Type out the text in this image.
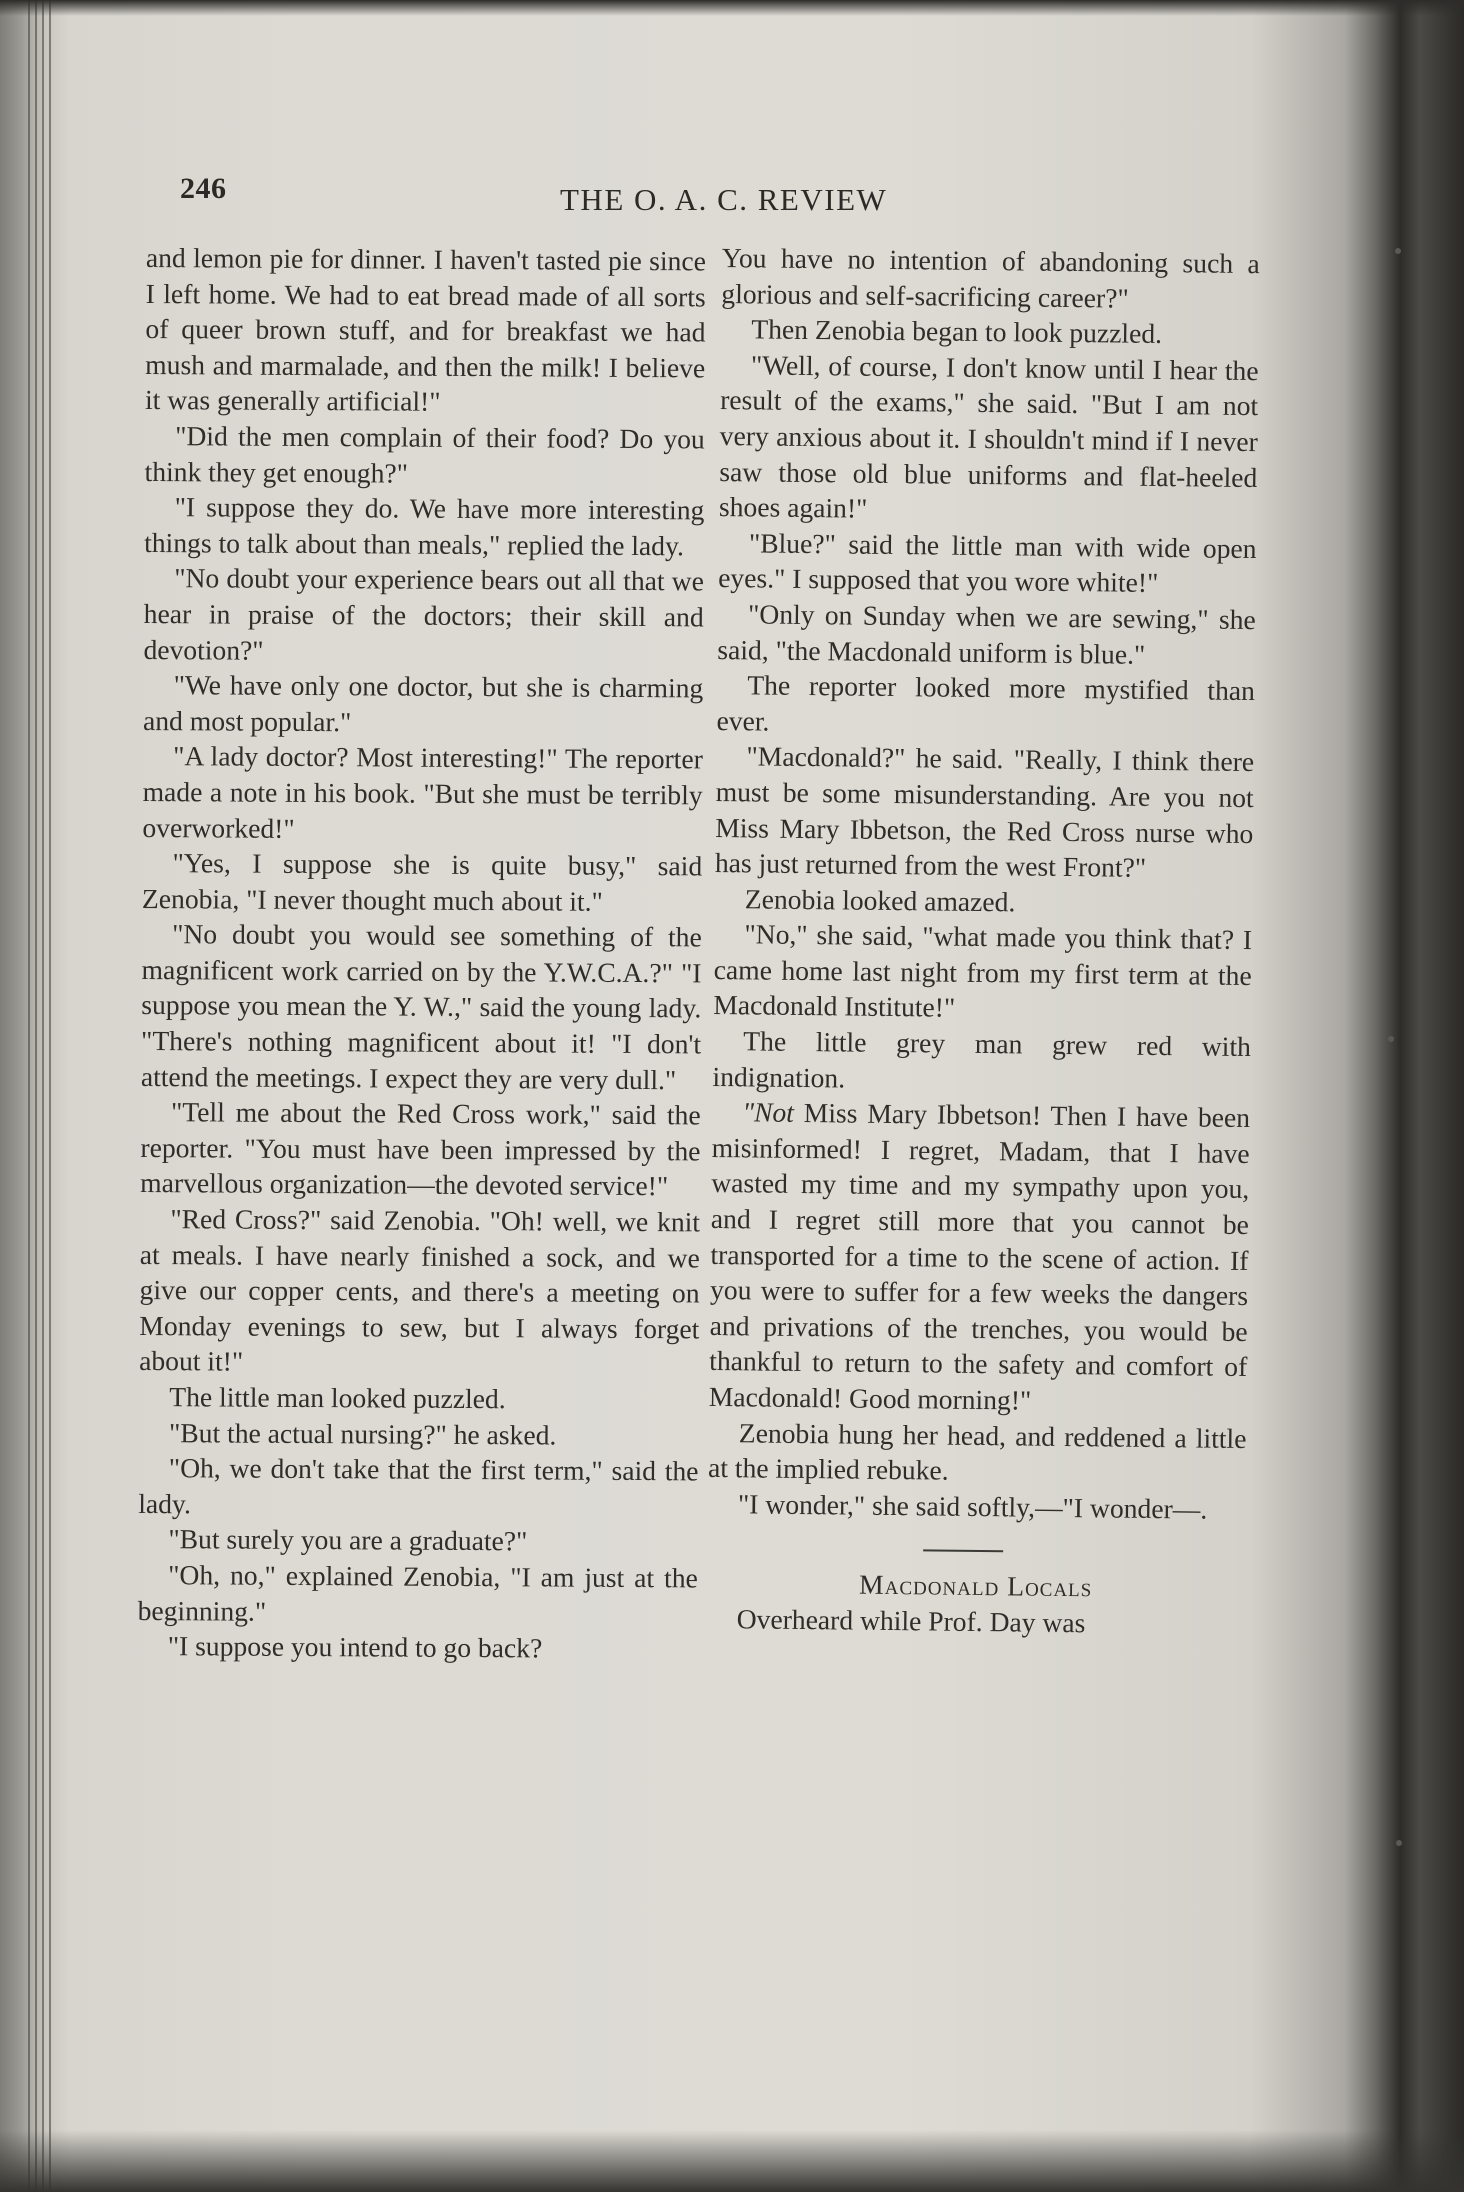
246	THE O. A. C. REVIEW

and lemon pie for dinner. I haven't tasted pie since I left home. We had to eat bread made of all sorts of queer brown stuff, and for breakfast we had mush and marmalade, and then the milk! I believe it was generally artificial!"

"Did the men complain of their food? Do you think they get enough?"

"I suppose they do. We have more interesting things to talk about than meals," replied the lady.

"No doubt your experience bears out all that we hear in praise of the doctors; their skill and devotion?"

"We have only one doctor, but she is charming and most popular."

"A lady doctor? Most interesting!" The reporter made a note in his book. "But she must be terribly overworked!"

"Yes, I suppose she is quite busy," said Zenobia, "I never thought much about it."

"No doubt you would see something of the magnificent work carried on by the Y.W.C.A.?" "I suppose you mean the Y. W.," said the young lady. "There's nothing magnificent about it! "I don't attend the meetings. I expect they are very dull."

"Tell me about the Red Cross work," said the reporter. "You must have been impressed by the marvellous organization—the devoted service!"

"Red Cross?" said Zenobia. "Oh! well, we knit at meals. I have nearly finished a sock, and we give our copper cents, and there's a meeting on Monday evenings to sew, but I always forget about it!"

The little man looked puzzled.

"But the actual nursing?" he asked.

"Oh, we don't take that the first term," said the lady.

"But surely you are a graduate?"

"Oh, no," explained Zenobia, "I am just at the beginning."

"I suppose you intend to go back?

You have no intention of abandoning such a glorious and self-sacrificing career?"

Then Zenobia began to look puzzled.

"Well, of course, I don't know until I hear the result of the exams," she said. "But I am not very anxious about it. I shouldn't mind if I never saw those old blue uniforms and flat-heeled shoes again!"

"Blue?" said the little man with wide open eyes." I supposed that you wore white!"

"Only on Sunday when we are sewing," she said, "the Macdonald uniform is blue."

The reporter looked more mystified than ever.

"Macdonald?" he said. "Really, I think there must be some misunderstanding. Are you not Miss Mary Ibbetson, the Red Cross nurse who has just returned from the west Front?"

Zenobia looked amazed.

"No," she said, "what made you think that? I came home last night from my first term at the Macdonald Institute!"

The little grey man grew red with indignation.

"Not Miss Mary Ibbetson! Then I have been misinformed! I regret, Madam, that I have wasted my time and my sympathy upon you, and I regret still more that you cannot be transported for a time to the scene of action. If you were to suffer for a few weeks the dangers and privations of the trenches, you would be thankful to return to the safety and comfort of Macdonald! Good morning!"

Zenobia hung her head, and reddened a little at the implied rebuke.

"I wonder," she said softly,—"I wonder—.

Macdonald Locals

Overheard while Prof. Day was
